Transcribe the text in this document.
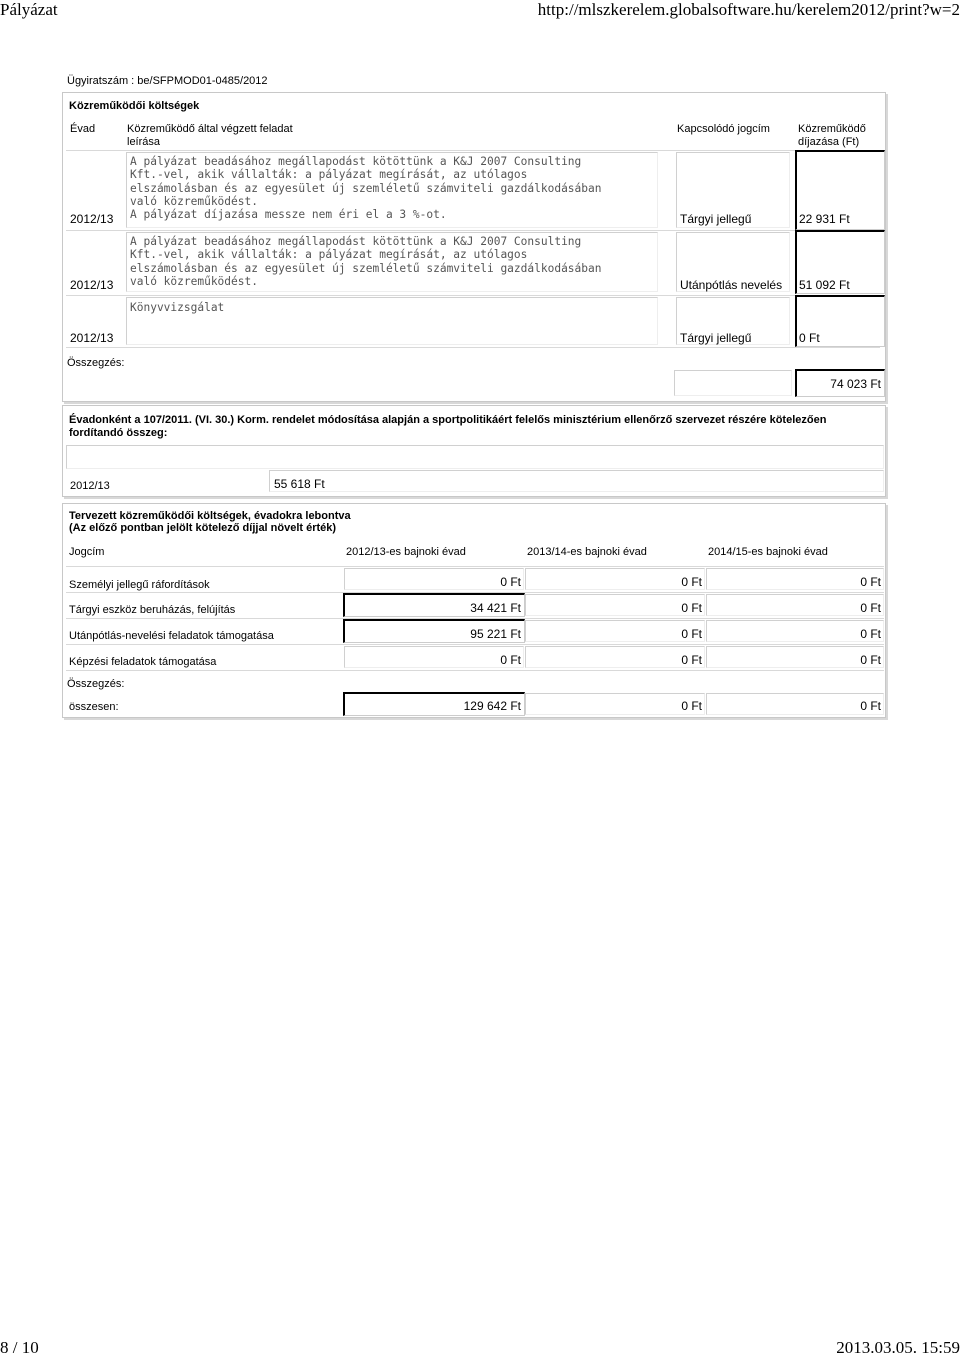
Pályázat	http://mlszkerelem.globalsoftware.hu/kerelem2012/print?w=2
Ügyiratszám : be/SFPMOD01-0485/2012
Közreműködői költségek
Évad	Közreműködő által végzett feladat
leírása
Kapcsolódó jogcím	Közreműködő
díjazása (Ft)
2012/13
A pályázat beadásához megállapodást kötöttünk a K&J 2007 Consulting
Kft.-vel, akik vállalták: a pályázat megírását, az utólagos
elszámolásban és az egyesület új szemléletű számviteli gazdálkodásában
való közreműködést.
A pályázat díjazása messze nem éri el a 3 %-ot.	Tárgyi jellegű	22 931 Ft
2012/13
A pályázat beadásához megállapodást kötöttünk a K&J 2007 Consulting
Kft.-vel, akik vállalták: a pályázat megírását, az utólagos
elszámolásban és az egyesület új szemléletű számviteli gazdálkodásában
való közreműködést.	Utánpótlás nevelés 51 092 Ft
2012/13
Könyvvizsgálat
Tárgyi jellegű	0 Ft
Összegzés:
74 023 Ft
Évadonként a 107/2011. (VI. 30.) Korm. rendelet módosítása alapján a sportpolitikáért felelős minisztérium ellenőrző szervezet részére kötelezően fordítandó összeg:
2012/13	55 618 Ft
Tervezett közreműködői költségek, évadokra lebontva
(Az előző pontban jelölt kötelező díjjal növelt érték)
Jogcím	2012/13-es bajnoki évad	2013/14-es bajnoki évad	2014/15-es bajnoki évad
Személyi jellegű ráfordítások	0 Ft	0 Ft	0 Ft
Tárgyi eszköz beruházás, felújítás	34 421 Ft	0 Ft	0 Ft
Utánpótlás-nevelési feladatok támogatása	95 221 Ft	0 Ft	0 Ft
Képzési feladatok támogatása	0 Ft	0 Ft	0 Ft
Összegzés:
összesen:	129 642 Ft	0 Ft	0 Ft
8 / 10	2013.03.05. 15:59
